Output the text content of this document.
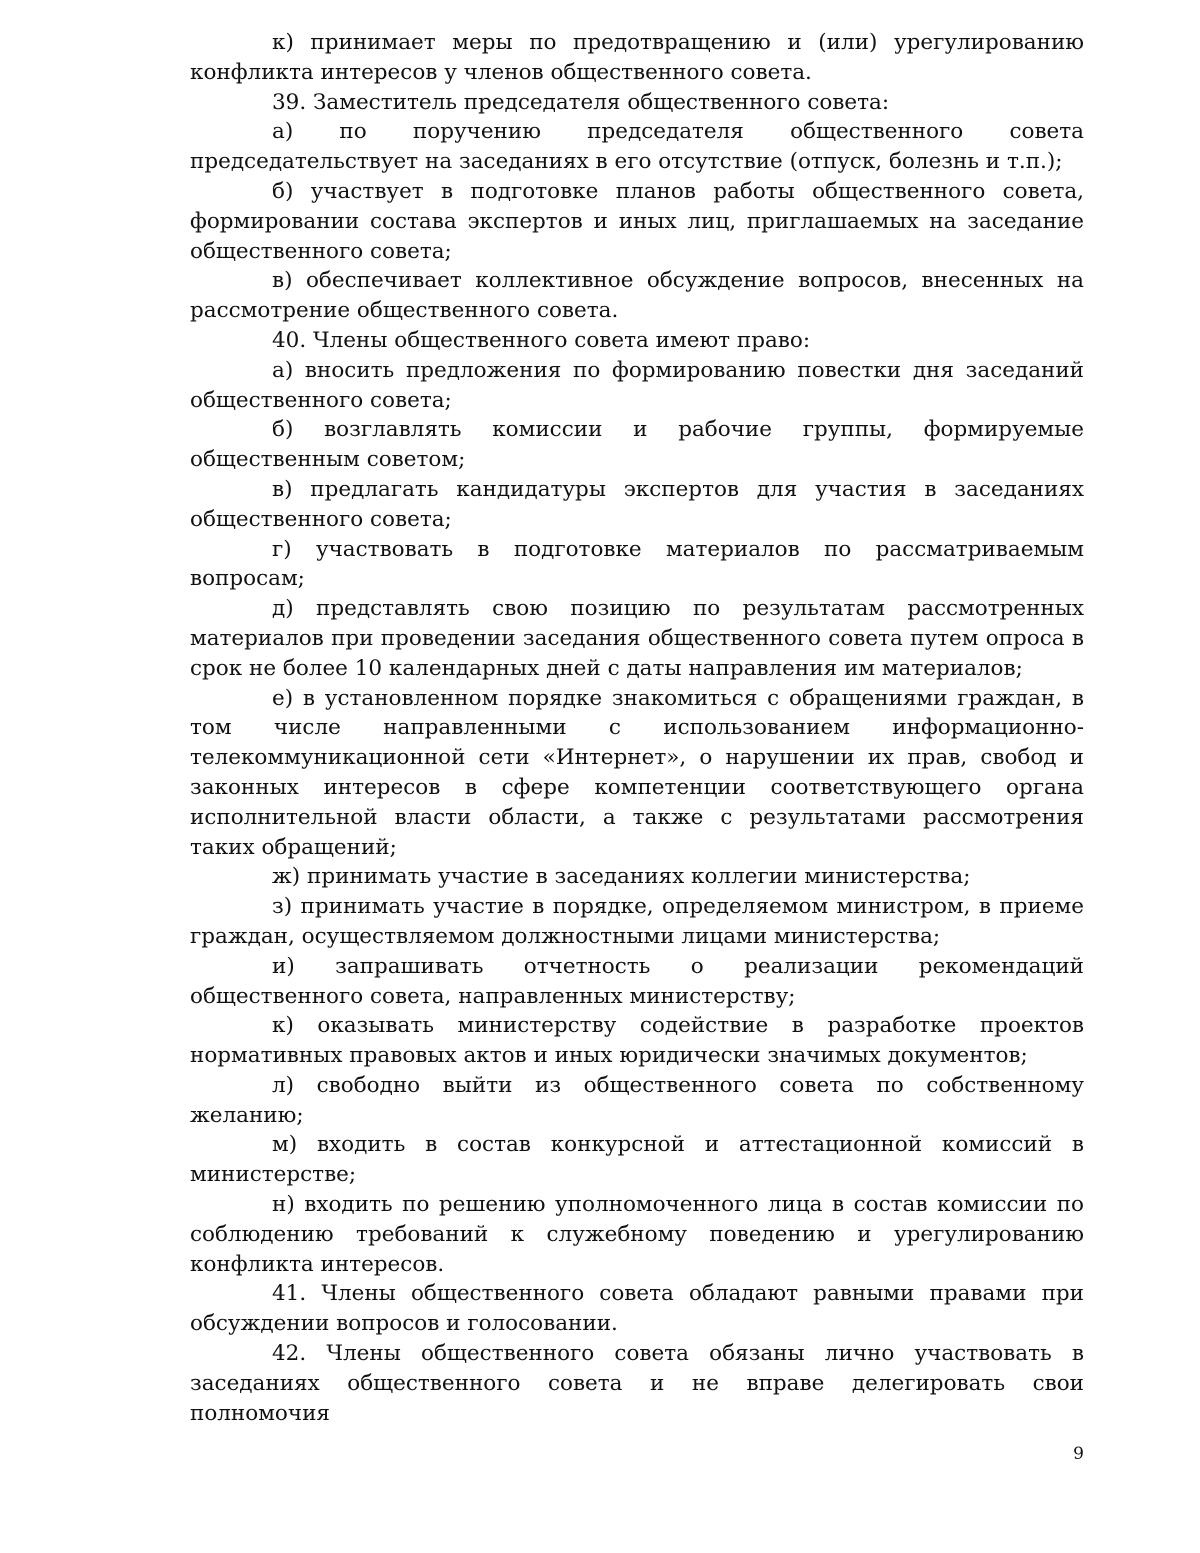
к) принимает меры по предотвращению и (или) урегулированию конфликта интересов у членов общественного совета.

39. Заместитель председателя общественного совета:

а) по поручению председателя общественного совета председательствует на заседаниях в его отсутствие (отпуск, болезнь и т.п.);

б) участвует в подготовке планов работы общественного совета, формировании состава экспертов и иных лиц, приглашаемых на заседание общественного совета;

в) обеспечивает коллективное обсуждение вопросов, внесенных на рассмотрение общественного совета.

40. Члены общественного совета имеют право:

а) вносить предложения по формированию повестки дня заседаний общественного совета;

б) возглавлять комиссии и рабочие группы, формируемые общественным советом;

в) предлагать кандидатуры экспертов для участия в заседаниях общественного совета;

г) участвовать в подготовке материалов по рассматриваемым вопросам;

д) представлять свою позицию по результатам рассмотренных материалов при проведении заседания общественного совета путем опроса в срок не более 10 календарных дней с даты направления им материалов;

е) в установленном порядке знакомиться с обращениями граждан, в том числе направленными с использованием информационно-телекоммуникационной сети «Интернет», о нарушении их прав, свобод и законных интересов в сфере компетенции соответствующего органа исполнительной власти области, а также с результатами рассмотрения таких обращений;

ж) принимать участие в заседаниях коллегии министерства;

з) принимать участие в порядке, определяемом министром, в приеме граждан, осуществляемом должностными лицами министерства;

и) запрашивать отчетность о реализации рекомендаций общественного совета, направленных министерству;

к) оказывать министерству содействие в разработке проектов нормативных правовых актов и иных юридически значимых документов;

л) свободно выйти из общественного совета по собственному желанию;

м) входить в состав конкурсной и аттестационной комиссий в министерстве;

н) входить по решению уполномоченного лица в состав комиссии по соблюдению требований к служебному поведению и урегулированию конфликта интересов.

41. Члены общественного совета обладают равными правами при обсуждении вопросов и голосовании.

42. Члены общественного совета обязаны лично участвовать в заседаниях общественного совета и не вправе делегировать свои полномочия

9
